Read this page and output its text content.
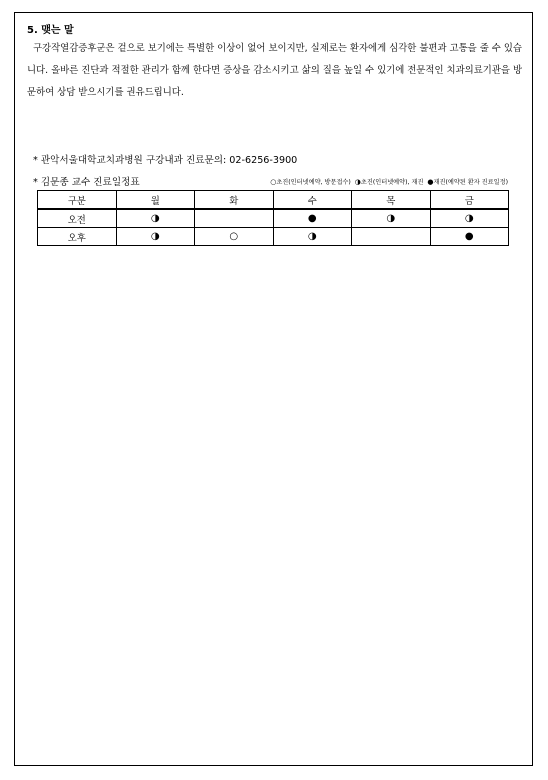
5. 맺는 말
구강작열감증후군은 겉으로 보기에는 특별한 이상이 없어 보이지만, 실제로는 환자에게 심각한 불편과 고통을 줄 수 있습니다. 올바른 진단과 적절한 관리가 함께 한다면 증상을 감소시키고 삶의 질을 높일 수 있기에 전문적인 치과의료기관을 방문하여 상담 받으시기를 권유드립니다.
* 관악서울대학교치과병원 구강내과 진료문의: 02-6256-3900
* 김문종 교수 진료일정표	○초진(인터넷예약, 방문접수) ◑초진(인터넷예약), 재진 ●재진(예약된 환자 진료일정)
구분	월	화	수	목	금
오전	◑		●	◑	◑
오후	◑	○	◑		●
